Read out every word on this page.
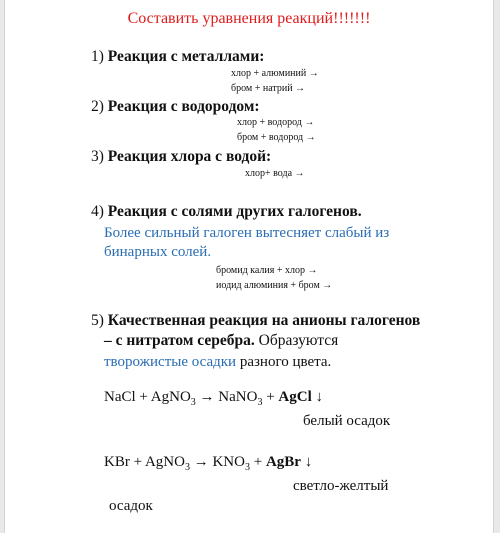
Составить уравнения реакций!!!!!!!
1) Реакция с металлами:
хлор + алюминий →
бром + натрий →
2) Реакция с водородом:
хлор + водород →
бром + водород →
3) Реакция хлора с водой:
хлор+ вода →
4) Реакция с солями других галогенов.
Более сильный галоген вытесняет слабый из
бинарных солей.
бромид калия + хлор →
иодид алюминия + бром →
5) Качественная реакция на анионы галогенов
– с нитратом серебра. Образуются
творожистые осадки разного цвета.
NaCl + AgNO$_3$ → NaNO$_3$ + AgCl ↓
белый осадок
KBr + AgNO$_3$ → $KNO_3$ + AgBr ↓
светло-желтый
осадок
